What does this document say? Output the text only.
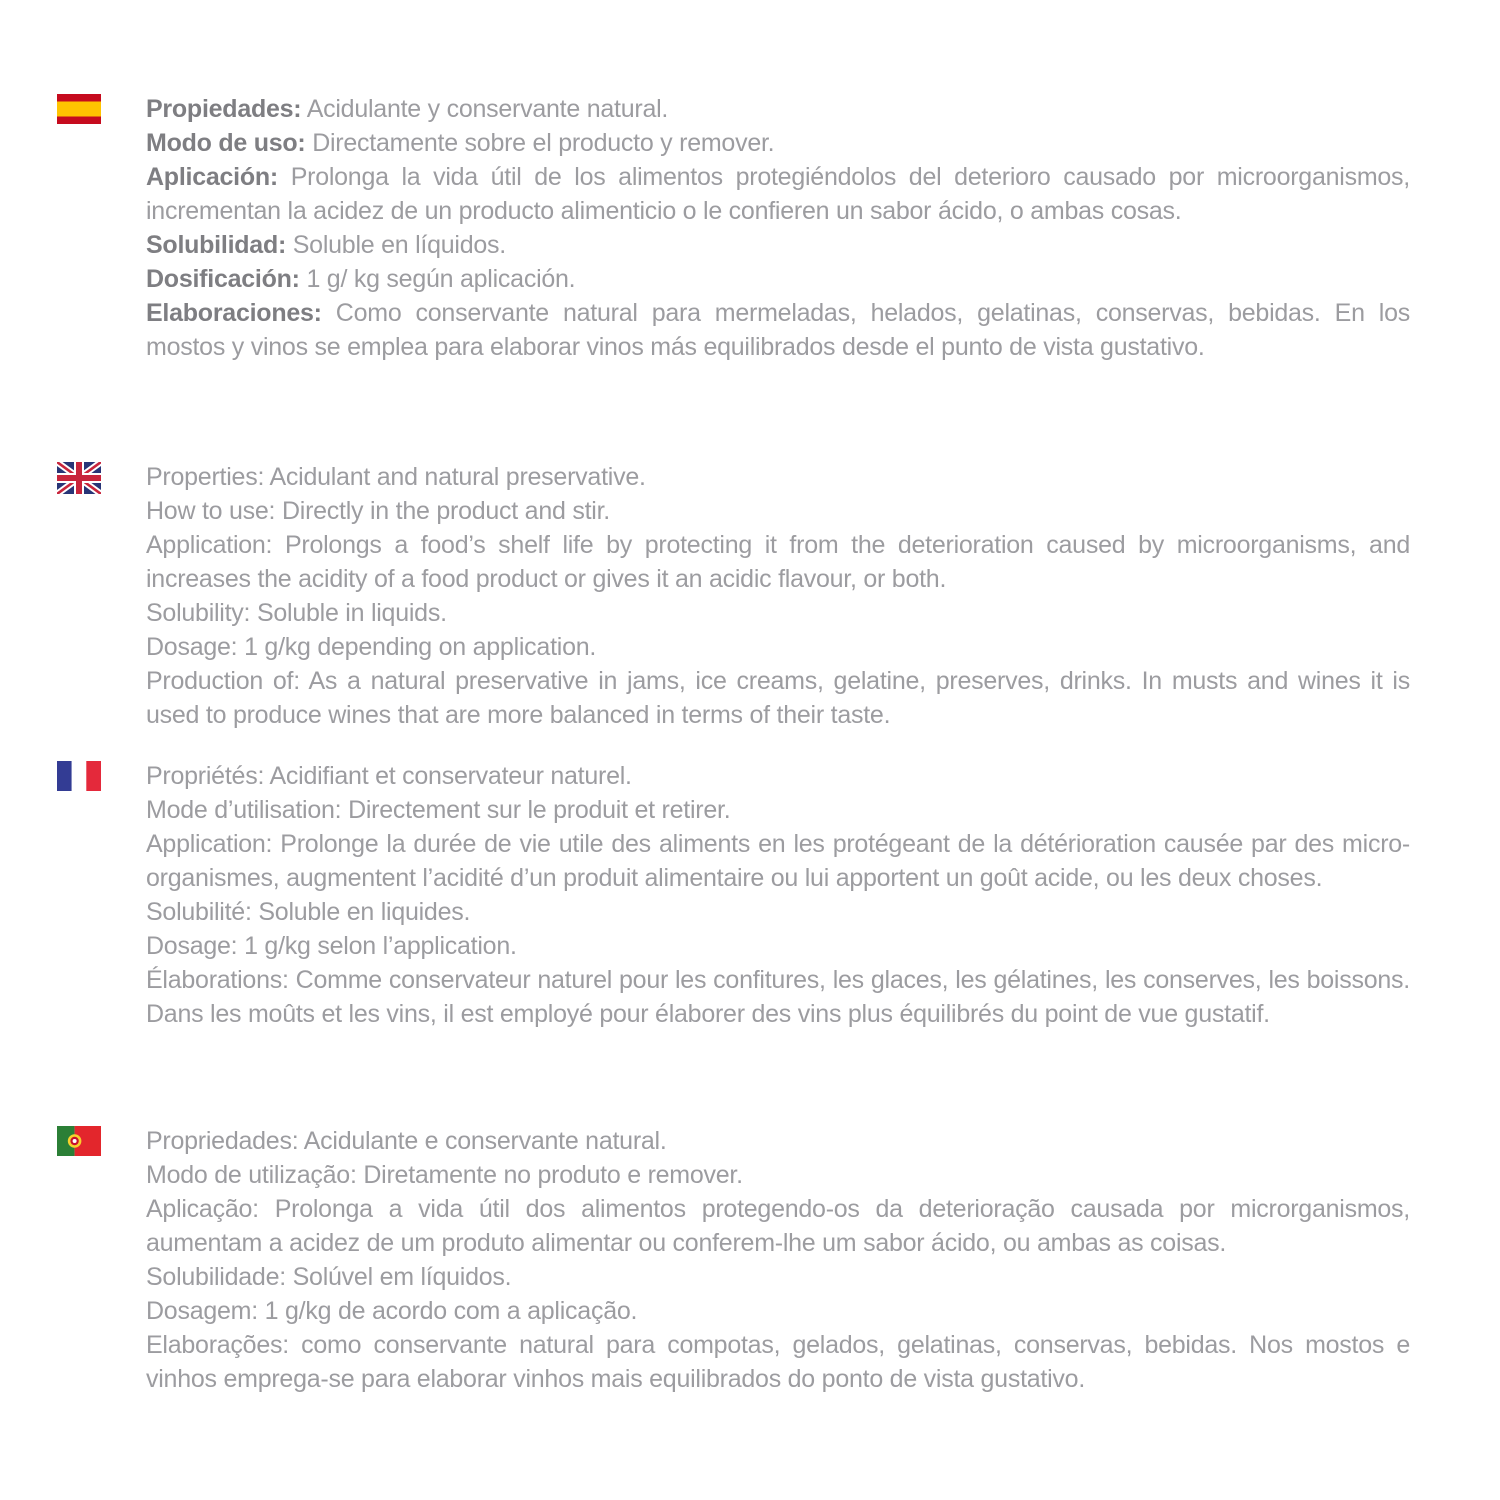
Propiedades: Acidulante y conservante natural.

Modo de uso: Directamente sobre el producto y remover.

Aplicación: Prolonga la vida útil de los alimentos protegiéndolos del deterioro causado por microorganismos, incrementan la acidez de un producto alimenticio o le confieren un sabor ácido, o ambas cosas.

Solubilidad: Soluble en líquidos.

Dosificación: 1 g/ kg según aplicación.

Elaboraciones: Como conservante natural para mermeladas, helados, gelatinas, conservas, bebidas. En los mostos y vinos se emplea para elaborar vinos más equilibrados desde el punto de vista gustativo.

Properties: Acidulant and natural preservative.

How to use: Directly in the product and stir.

Application: Prolongs a food’s shelf life by protecting it from the deterioration caused by microorganisms, and increases the acidity of a food product or gives it an acidic flavour, or both.

Solubility: Soluble in liquids.

Dosage: 1 g/kg depending on application.

Production of: As a natural preservative in jams, ice creams, gelatine, preserves, drinks. In musts and wines it is used to produce wines that are more balanced in terms of their taste.

Propriétés: Acidifiant et conservateur naturel.

Mode d’utilisation: Directement sur le produit et retirer.

Application: Prolonge la durée de vie utile des aliments en les protégeant de la détérioration causée par des micro-organismes, augmentent l’acidité d’un produit alimentaire ou lui apportent un goût acide, ou les deux choses.

Solubilité: Soluble en liquides.

Dosage: 1 g/kg selon l’application.

Élaborations: Comme conservateur naturel pour les confitures, les glaces, les gélatines, les conserves, les boissons. Dans les moûts et les vins, il est employé pour élaborer des vins plus équilibrés du point de vue gustatif.

Propriedades: Acidulante e conservante natural.

Modo de utilização: Diretamente no produto e remover.

Aplicação: Prolonga a vida útil dos alimentos protegendo-os da deterioração causada por microrganismos, aumentam a acidez de um produto alimentar ou conferem-lhe um sabor ácido, ou ambas as coisas.

Solubilidade: Solúvel em líquidos.

Dosagem: 1 g/kg de acordo com a aplicação.

Elaborações: como conservante natural para compotas, gelados, gelatinas, conservas, bebidas. Nos mostos e vinhos emprega-se para elaborar vinhos mais equilibrados do ponto de vista gustativo.
